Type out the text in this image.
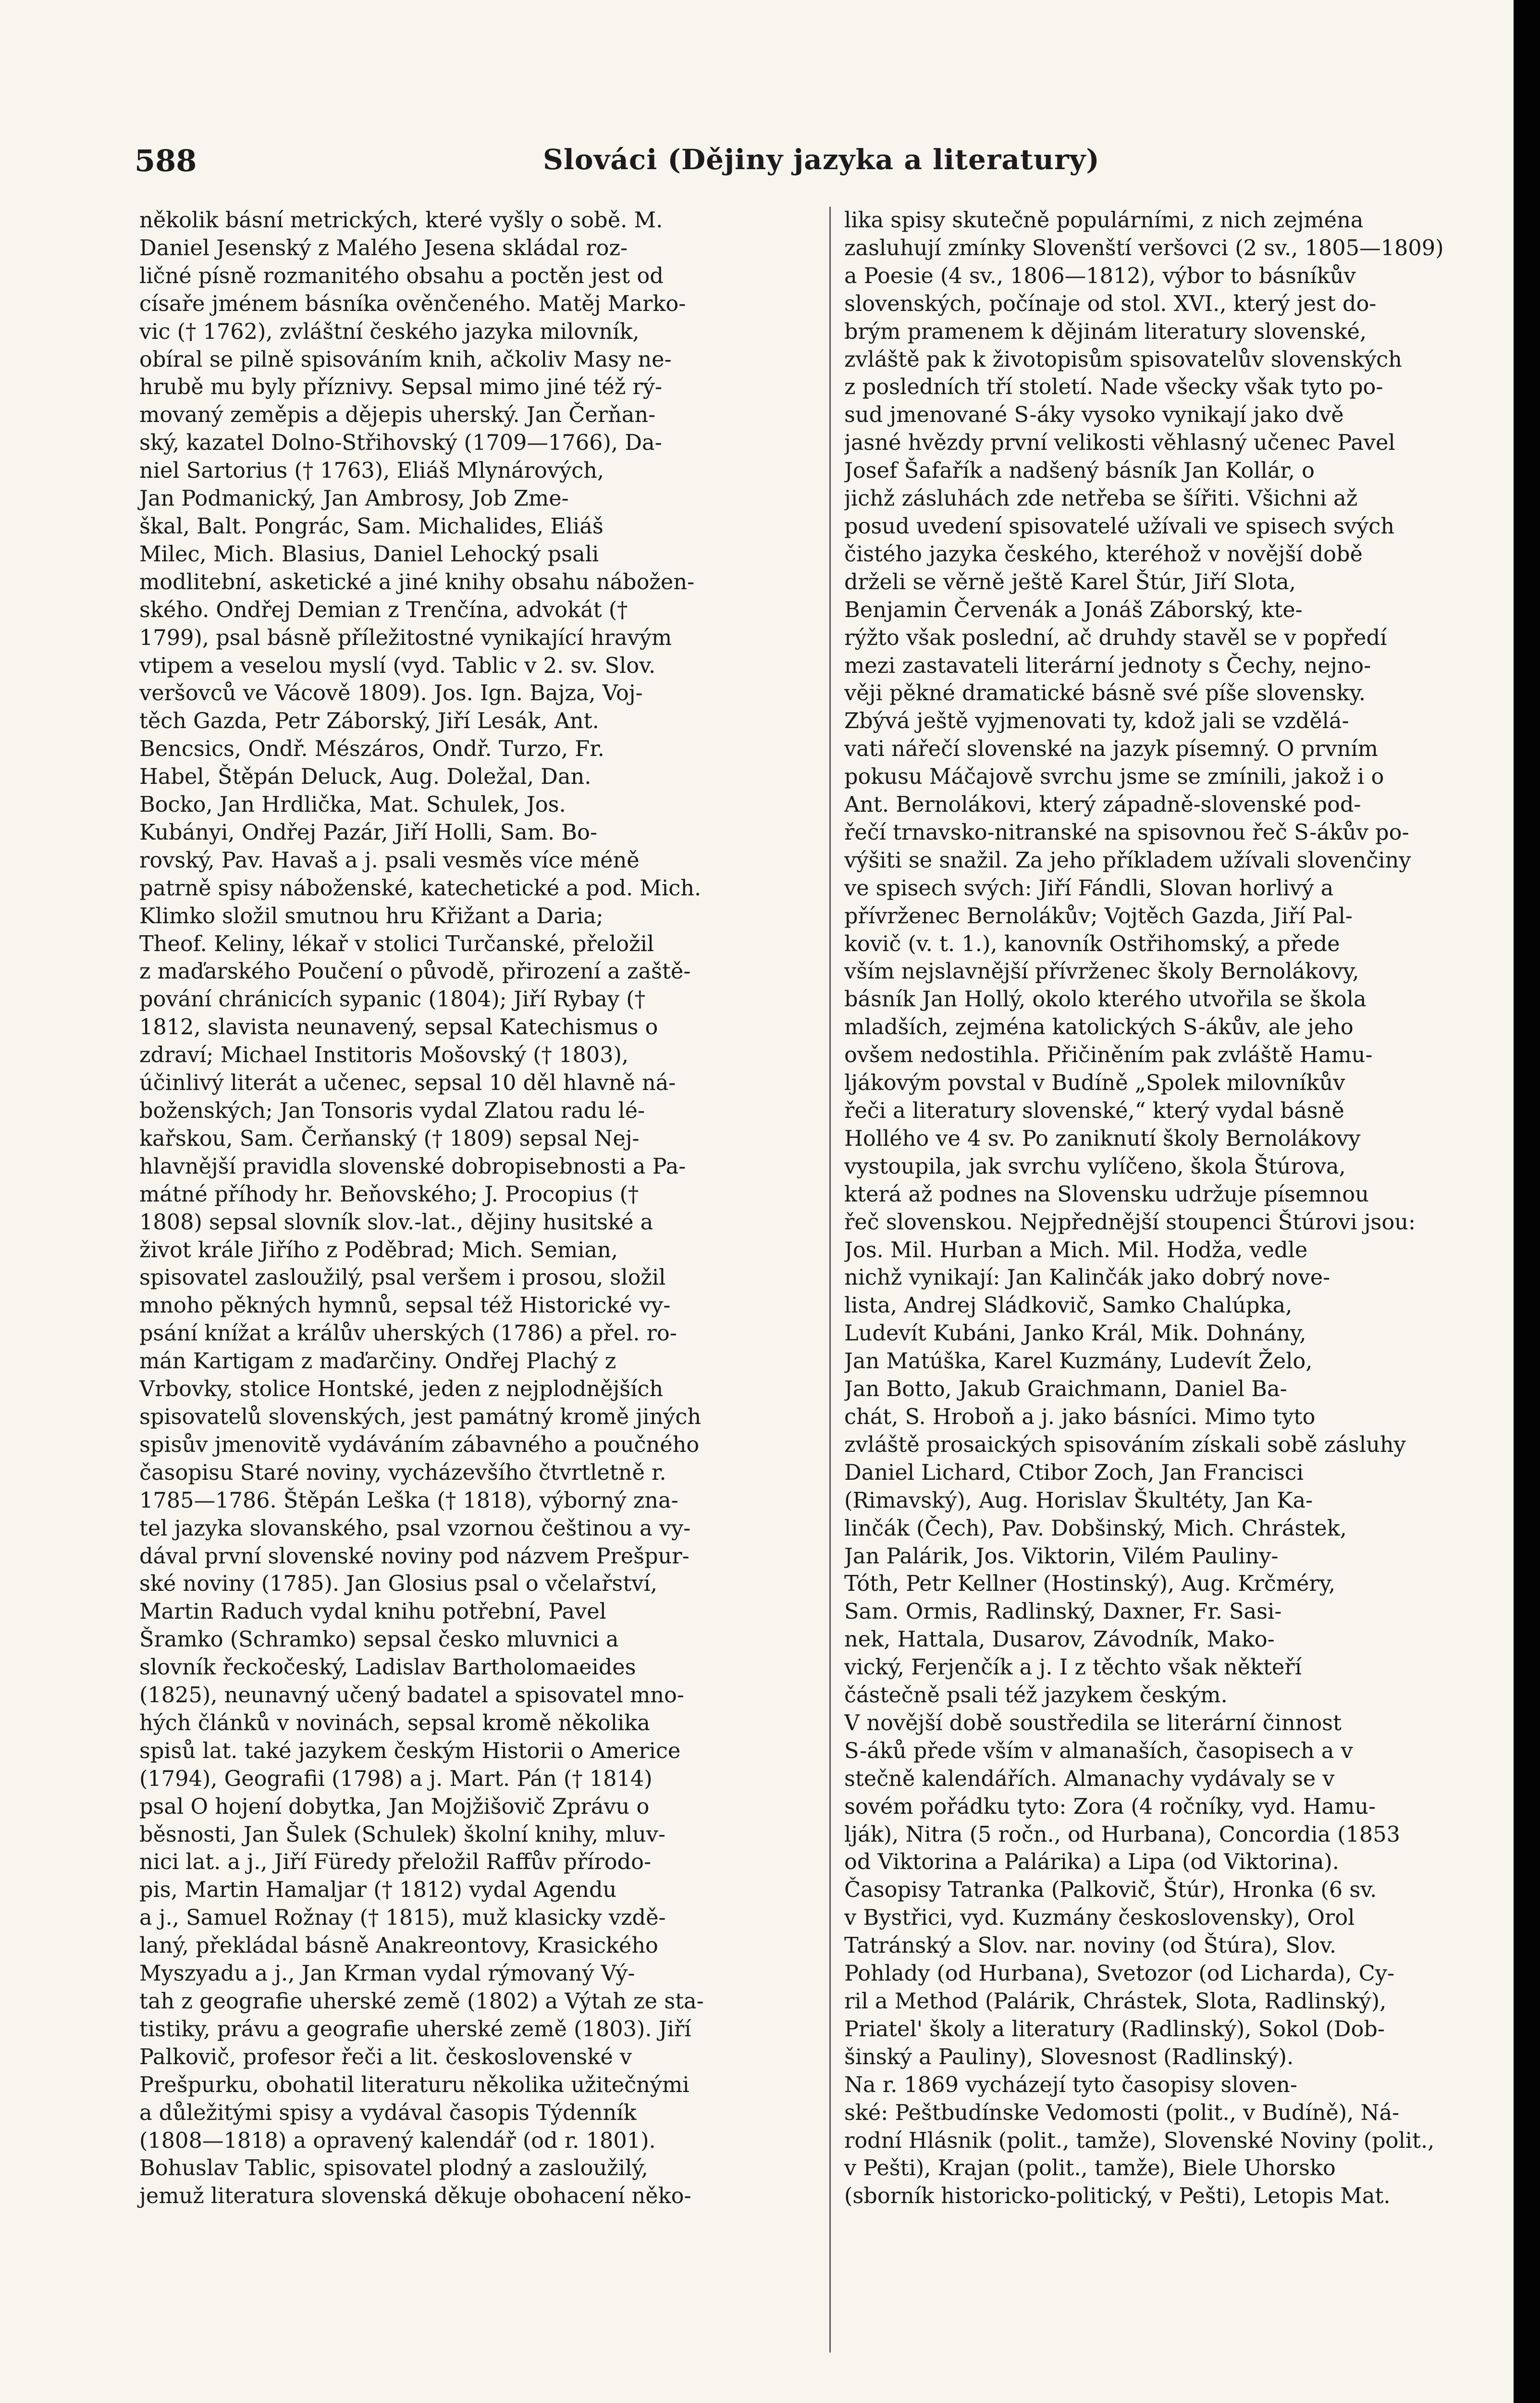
588	Slováci (Dějiny jazyka a literatury)
několik básní metrických, které vyšly o sobě. M.
Daniel Jesenský z Malého Jesena skládal roz-
ličné písně rozmanitého obsahu a poctěn jest od
císaře jménem básníka ověnčeného. Matěj Marko-
vic († 1762), zvláštní českého jazyka milovník,
obíral se pilně spisováním knih, ačkoliv Masy ne-
hrubě mu byly příznivy. Sepsal mimo jiné též rý-
movaný zeměpis a dějepis uherský. Jan Čerňan-
ský, kazatel Dolno-Střihovský (1709—1766), Da-
niel Sartorius († 1763), Eliáš Mlynárových,
Jan Podmanický, Jan Ambrosy, Job Zme-
škal, Balt. Pongrác, Sam. Michalides, Eliáš
Milec, Mich. Blasius, Daniel Lehocký psali
modlitební, asketické a jiné knihy obsahu nábožen-
ského. Ondřej Demian z Trenčína, advokát (†
1799), psal básně příležitostné vynikající hravým
vtipem a veselou myslí (vyd. Tablic v 2. sv. Slov.
veršovců ve Vácově 1809). Jos. Ign. Bajza, Voj-
těch Gazda, Petr Záborský, Jiří Lesák, Ant.
Bencsics, Ondř. Mészáros, Ondř. Turzo, Fr.
Habel, Štěpán Deluck, Aug. Doležal, Dan.
Bocko, Jan Hrdlička, Mat. Schulek, Jos.
Kubányi, Ondřej Pazár, Jiří Holli, Sam. Bo-
rovský, Pav. Havaš a j. psali vesměs více méně
patrně spisy náboženské, katechetické a pod. Mich.
Klimko složil smutnou hru Křižant a Daria;
Theof. Keliny, lékař v stolici Turčanské, přeložil
z maďarského Poučení o původě, přirození a zaště-
pování chránicích sypanic (1804); Jiří Rybay (†
1812, slavista neunavený, sepsal Katechismus o
zdraví; Michael Institoris Mošovský († 1803),
účinlivý literát a učenec, sepsal 10 děl hlavně ná-
boženských; Jan Tonsoris vydal Zlatou radu lé-
kařskou, Sam. Čerňanský († 1809) sepsal Nej-
hlavnější pravidla slovenské dobropisebnosti a Pa-
mátné příhody hr. Beňovského; J. Procopius (†
1808) sepsal slovník slov.-lat., dějiny husitské a
život krále Jiřího z Poděbrad; Mich. Semian,
spisovatel zasloužilý, psal veršem i prosou, složil
mnoho pěkných hymnů, sepsal též Historické vy-
psání knížat a králův uherských (1786) a přel. ro-
mán Kartigam z maďarčiny. Ondřej Plachý z
Vrbovky, stolice Hontské, jeden z nejplodnějších
spisovatelů slovenských, jest památný kromě jiných
spisův jmenovitě vydáváním zábavného a poučného
časopisu Staré noviny, vycházevšího čtvrtletně r.
1785—1786. Štěpán Leška († 1818), výborný zna-
tel jazyka slovanského, psal vzornou češtinou a vy-
dával první slovenské noviny pod názvem Prešpur-
ské noviny (1785). Jan Glosius psal o včelařství,
Martin Raduch vydal knihu potřební, Pavel
Šramko (Schramko) sepsal česko mluvnici a
slovník řeckočeský, Ladislav Bartholomaeides
(1825), neunavný učený badatel a spisovatel mno-
hých článků v novinách, sepsal kromě několika
spisů lat. také jazykem českým Historii o Americe
(1794), Geografii (1798) a j. Mart. Pán († 1814)
psal O hojení dobytka, Jan Mojžišovič Zprávu o
běsnosti, Jan Šulek (Schulek) školní knihy, mluv-
nici lat. a j., Jiří Füredy přeložil Raffův přírodo-
pis, Martin Hamaljar († 1812) vydal Agendu
a j., Samuel Rožnay († 1815), muž klasicky vzdě-
laný, překládal básně Anakreontovy, Krasického
Myszyadu a j., Jan Krman vydal rýmovaný Vý-
tah z geografie uherské země (1802) a Výtah ze sta-
tistiky, právu a geografie uherské země (1803). Jiří
Palkovič, profesor řeči a lit. československé v
Prešpurku, obohatil literaturu několika užitečnými
a důležitými spisy a vydával časopis Týdenník
(1808—1818) a opravený kalendář (od r. 1801).
Bohuslav Tablic, spisovatel plodný a zasloužilý,
jemuž literatura slovenská děkuje obohacení něko-
lika spisy skutečně populárními, z nich zejména
zasluhují zmínky Slovenští veršovci (2 sv., 1805—1809)
a Poesie (4 sv., 1806—1812), výbor to básníkův
slovenských, počínaje od stol. XVI., který jest do-
brým pramenem k dějinám literatury slovenské,
zvláště pak k životopisům spisovatelův slovenských
z posledních tří století. Nade všecky však tyto po-
sud jmenované S-áky vysoko vynikají jako dvě
jasné hvězdy první velikosti věhlasný učenec Pavel
Josef Šafařík a nadšený básník Jan Kollár, o
jichž zásluhách zde netřeba se šířiti. Všichni až
posud uvedení spisovatelé užívali ve spisech svých
čistého jazyka českého, kteréhož v novější době
drželi se věrně ještě Karel Štúr, Jiří Slota,
Benjamin Červenák a Jonáš Záborský, kte-
rýžto však poslední, ač druhdy stavěl se v popředí
mezi zastavateli literární jednoty s Čechy, nejno-
věji pěkné dramatické básně své píše slovensky.
Zbývá ještě vyjmenovati ty, kdož jali se vzdělá-
vati nářečí slovenské na jazyk písemný. O prvním
pokusu Máčajově svrchu jsme se zmínili, jakož i o
Ant. Bernolákovi, který západně-slovenské pod-
řečí trnavsko-nitranské na spisovnou řeč S-ákův po-
výšiti se snažil. Za jeho příkladem užívali slovenčiny
ve spisech svých: Jiří Fándli, Slovan horlivý a
přívrženec Bernolákův; Vojtěch Gazda, Jiří Pal-
kovič (v. t. 1.), kanovník Ostřihomský, a přede
vším nejslavnější přívrženec školy Bernolákovy,
básník Jan Hollý, okolo kterého utvořila se škola
mladších, zejména katolických S-ákův, ale jeho
ovšem nedostihla. Přičiněním pak zvláště Hamu-
ljákovým povstal v Budíně „Spolek milovníkův
řeči a literatury slovenské,“ který vydal básně
Hollého ve 4 sv. Po zaniknutí školy Bernolákovy
vystoupila, jak svrchu vylíčeno, škola Štúrova,
která až podnes na Slovensku udržuje písemnou
řeč slovenskou. Nejpřednější stoupenci Štúrovi jsou:
Jos. Mil. Hurban a Mich. Mil. Hodža, vedle
nichž vynikají: Jan Kalinčák jako dobrý nove-
lista, Andrej Sládkovič, Samko Chalúpka,
Ludevít Kubáni, Janko Král, Mik. Dohnány,
Jan Matúška, Karel Kuzmány, Ludevít Želo,
Jan Botto, Jakub Graichmann, Daniel Ba-
chát, S. Hroboň a j. jako básníci. Mimo tyto
zvláště prosaických spisováním získali sobě zásluhy
Daniel Lichard, Ctibor Zoch, Jan Francisci
(Rimavský), Aug. Horislav Škultéty, Jan Ka-
linčák (Čech), Pav. Dobšinský, Mich. Chrástek,
Jan Palárik, Jos. Viktorin, Vilém Pauliny-
Tóth, Petr Kellner (Hostinský), Aug. Krčméry,
Sam. Ormis, Radlinský, Daxner, Fr. Sasi-
nek, Hattala, Dusarov, Závodník, Mako-
vický, Ferjenčík a j. I z těchto však někteří
částečně psali též jazykem českým.
V novější době soustředila se literární činnost
S-áků přede vším v almanaších, časopisech a v
stečně kalendářích. Almanachy vydávaly se v
sovém pořádku tyto: Zora (4 ročníky, vyd. Hamu-
lják), Nitra (5 ročn., od Hurbana), Concordia (1853
od Viktorina a Palárika) a Lipa (od Viktorina).
Časopisy Tatranka (Palkovič, Štúr), Hronka (6 sv.
v Bystřici, vyd. Kuzmány československy), Orol
Tatránský a Slov. nar. noviny (od Štúra), Slov.
Pohlady (od Hurbana), Svetozor (od Licharda), Cy-
ril a Method (Palárik, Chrástek, Slota, Radlinský),
Priatel' školy a literatury (Radlinský), Sokol (Dob-
šinský a Pauliny), Slovesnost (Radlinský).
Na r. 1869 vycházejí tyto časopisy sloven-
ské: Peštbudínske Vedomosti (polit., v Budíně), Ná-
rodní Hlásnik (polit., tamže), Slovenské Noviny (polit.,
v Pešti), Krajan (polit., tamže), Biele Uhorsko
(sborník historicko-politický, v Pešti), Letopis Mat.
